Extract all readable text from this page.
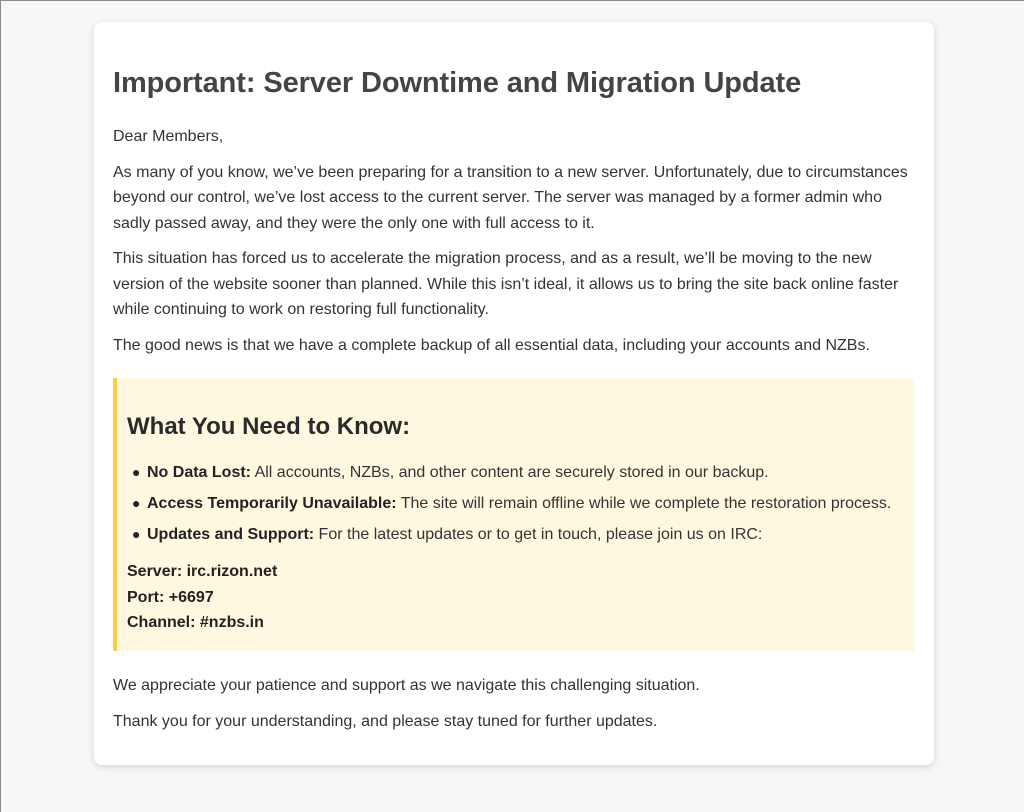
Important: Server Downtime and Migration Update

Dear Members,

As many of you know, we’ve been preparing for a transition to a new server. Unfortunately, due to circumstances beyond our control, we’ve lost access to the current server. The server was managed by a former admin who sadly passed away, and they were the only one with full access to it.

This situation has forced us to accelerate the migration process, and as a result, we’ll be moving to the new version of the website sooner than planned. While this isn’t ideal, it allows us to bring the site back online faster while continuing to work on restoring full functionality.

The good news is that we have a complete backup of all essential data, including your accounts and NZBs.

What You Need to Know:
● No Data Lost: All accounts, NZBs, and other content are securely stored in our backup.
● Access Temporarily Unavailable: The site will remain offline while we complete the restoration process.
● Updates and Support: For the latest updates or to get in touch, please join us on IRC:
Server: irc.rizon.net
Port: +6697
Channel: #nzbs.in

We appreciate your patience and support as we navigate this challenging situation.

Thank you for your understanding, and please stay tuned for further updates.
